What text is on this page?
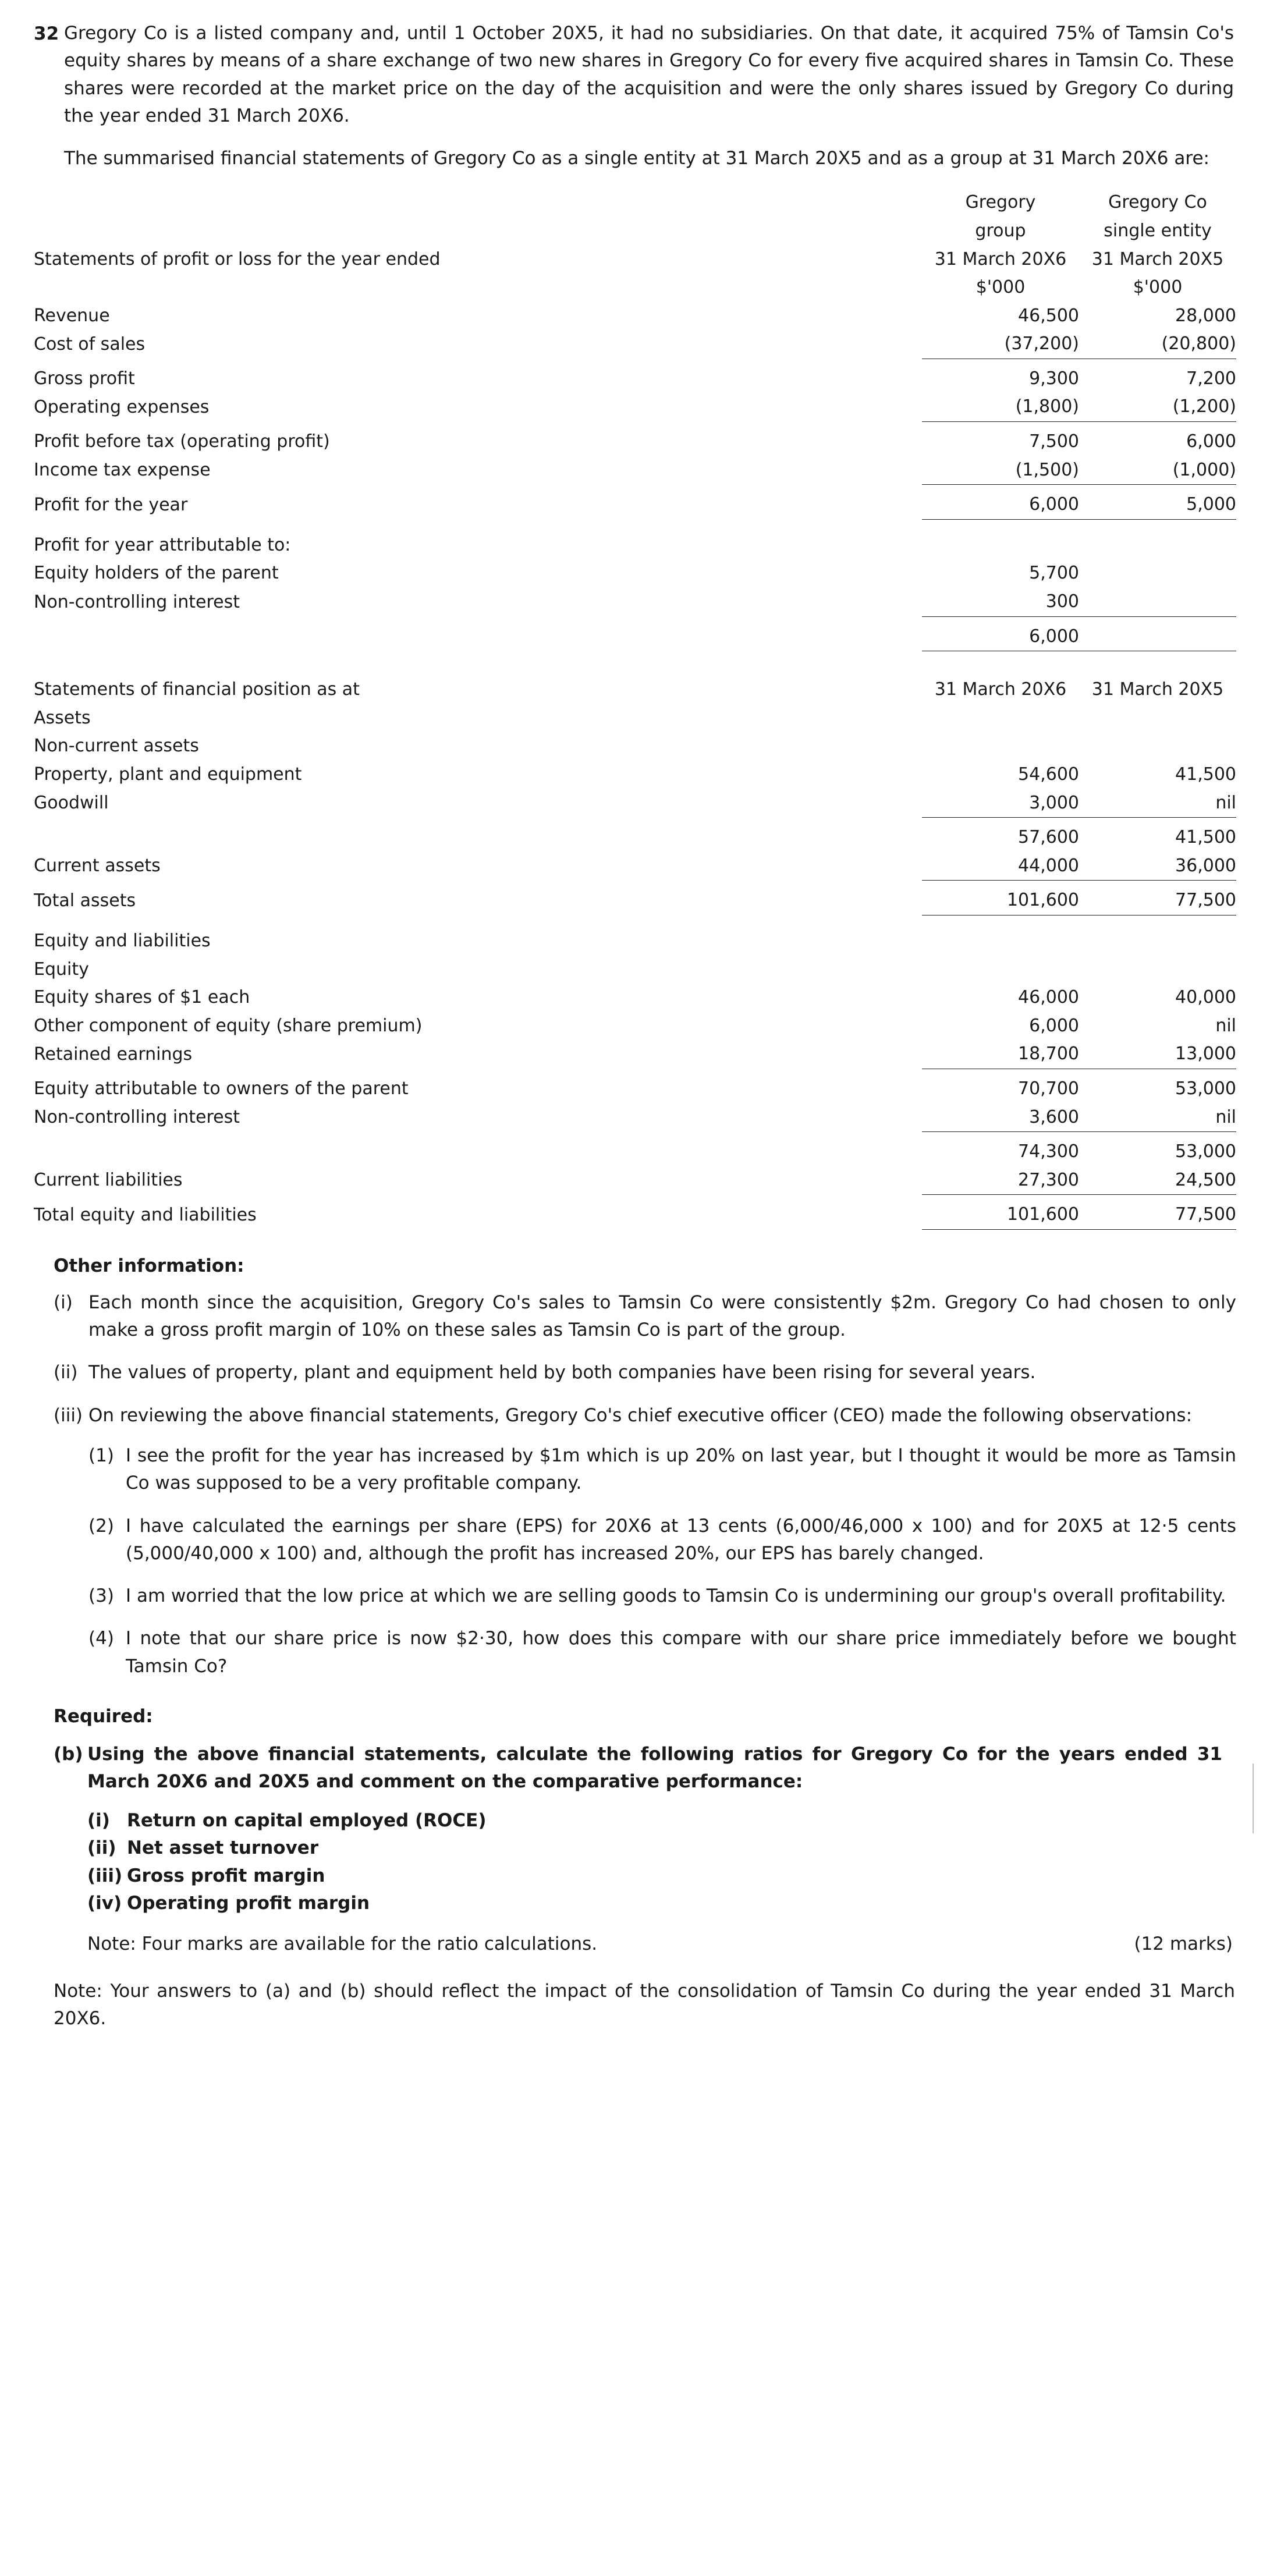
32 Gregory Co is a listed company and, until 1 October 20X5, it had no subsidiaries. On that date, it acquired 75% of Tamsin Co's equity shares by means of a share exchange of two new shares in Gregory Co for every five acquired shares in Tamsin Co. These shares were recorded at the market price on the day of the acquisition and were the only shares issued by Gregory Co during the year ended 31 March 20X6.

The summarised financial statements of Gregory Co as a single entity at 31 March 20X5 and as a group at 31 March 20X6 are:

	Gregory	Gregory Co
	group	single entity
Statements of profit or loss for the year ended	31 March 20X6	31 March 20X5
	$'000	$'000
Revenue	46,500	28,000
Cost of sales	(37,200)	(20,800)

Gross profit	9,300	7,200
Operating expenses	(1,800)	(1,200)

Profit before tax (operating profit)	7,500	6,000
Income tax expense	(1,500)	(1,000)

Profit for the year	6,000	5,000

Profit for year attributable to:		
Equity holders of the parent	5,700	
Non-controlling interest	300	

	6,000	
Statements of financial position as at	31 March 20X6	31 March 20X5
Assets		
Non-current assets		
Property, plant and equipment	54,600	41,500
Goodwill	3,000	nil

	57,600	41,500
Current assets	44,000	36,000

Total assets	101,600	77,500

Equity and liabilities		
Equity		
Equity shares of $1 each	46,000	40,000
Other component of equity (share premium)	6,000	nil
Retained earnings	18,700	13,000

Equity attributable to owners of the parent	70,700	53,000
Non-controlling interest	3,600	nil

	74,300	53,000
Current liabilities	27,300	24,500

Total equity and liabilities	101,600	77,500
Other information:
(i) Each month since the acquisition, Gregory Co's sales to Tamsin Co were consistently $2m. Gregory Co had chosen to only make a gross profit margin of 10% on these sales as Tamsin Co is part of the group.
(ii) The values of property, plant and equipment held by both companies have been rising for several years.
(iii) On reviewing the above financial statements, Gregory Co's chief executive officer (CEO) made the following observations:
(1) I see the profit for the year has increased by $1m which is up 20% on last year, but I thought it would be more as Tamsin Co was supposed to be a very profitable company.
(2) I have calculated the earnings per share (EPS) for 20X6 at 13 cents (6,000/46,000 x 100) and for 20X5 at 12·5 cents (5,000/40,000 x 100) and, although the profit has increased 20%, our EPS has barely changed.
(3) I am worried that the low price at which we are selling goods to Tamsin Co is undermining our group's overall profitability.
(4) I note that our share price is now $2·30, how does this compare with our share price immediately before we bought Tamsin Co?
Required:
(b) Using the above financial statements, calculate the following ratios for Gregory Co for the years ended 31 March 20X6 and 20X5 and comment on the comparative performance:
(i) Return on capital employed (ROCE)
(ii) Net asset turnover
(iii) Gross profit margin
(iv) Operating profit margin
Note: Four marks are available for the ratio calculations.	(12 marks)
Note: Your answers to (a) and (b) should reflect the impact of the consolidation of Tamsin Co during the year ended 31 March 20X6.
